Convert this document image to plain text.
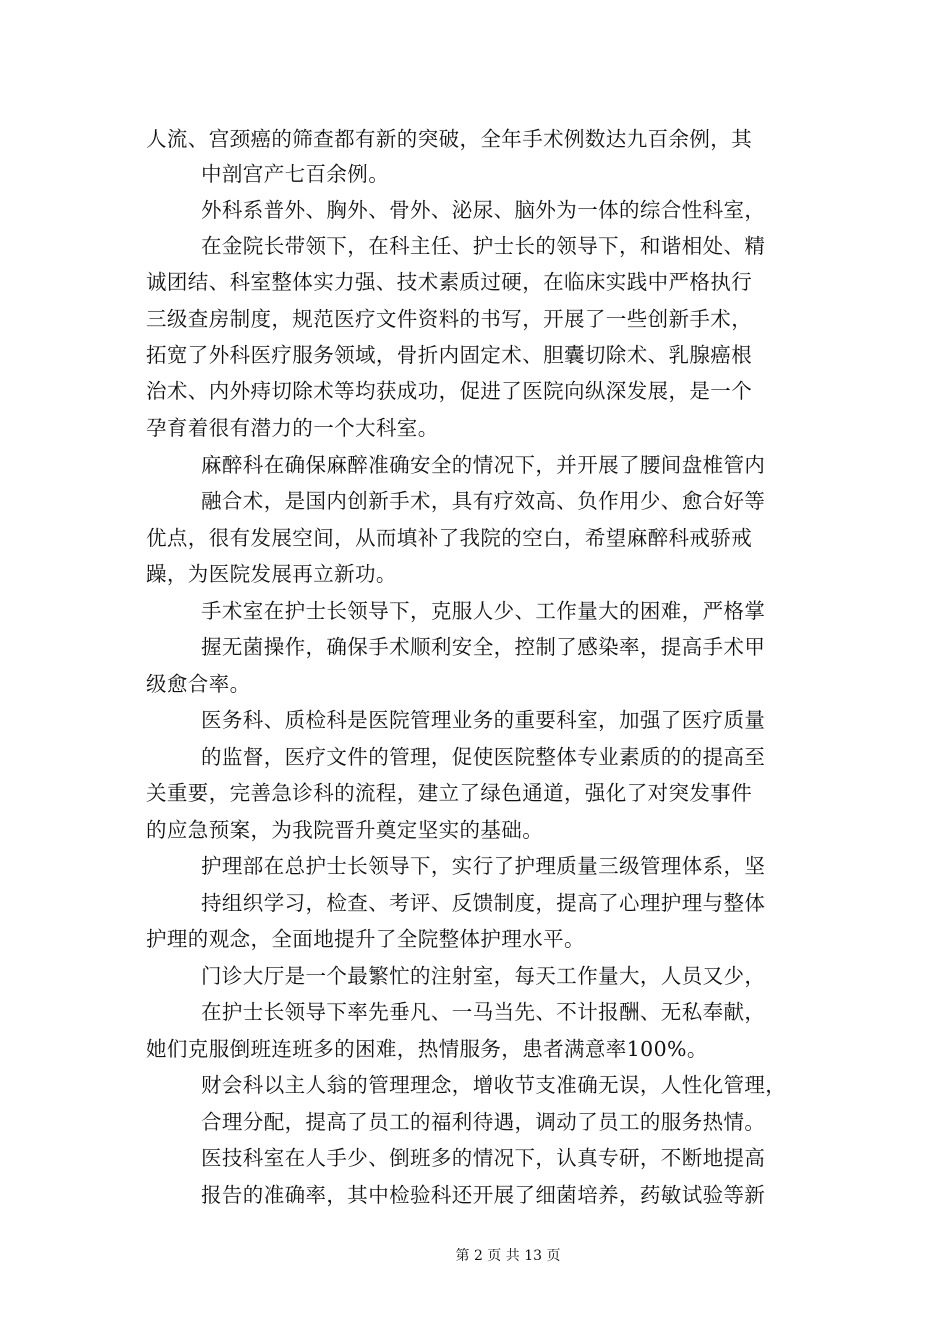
人流、宫颈癌的筛查都有新的突破，全年手术例数达九百余例，其
中剖宫产七百余例。
外科系普外、胸外、骨外、泌尿、脑外为一体的综合性科室，
在金院长带领下，在科主任、护士长的领导下，和谐相处、精
诚团结、科室整体实力强、技术素质过硬，在临床实践中严格执行
三级查房制度，规范医疗文件资料的书写，开展了一些创新手术，
拓宽了外科医疗服务领域，骨折内固定术、胆囊切除术、乳腺癌根
治术、内外痔切除术等均获成功，促进了医院向纵深发展，是一个
孕育着很有潜力的一个大科室。
麻醉科在确保麻醉准确安全的情况下，并开展了腰间盘椎管内
融合术，是国内创新手术，具有疗效高、负作用少、愈合好等
优点，很有发展空间，从而填补了我院的空白，希望麻醉科戒骄戒
躁，为医院发展再立新功。
手术室在护士长领导下，克服人少、工作量大的困难，严格掌
握无菌操作，确保手术顺利安全，控制了感染率，提高手术甲
级愈合率。
医务科、质检科是医院管理业务的重要科室，加强了医疗质量
的监督，医疗文件的管理，促使医院整体专业素质的的提高至
关重要，完善急诊科的流程，建立了绿色通道，强化了对突发事件
的应急预案，为我院晋升奠定坚实的基础。
护理部在总护士长领导下，实行了护理质量三级管理体系，坚
持组织学习，检查、考评、反馈制度，提高了心理护理与整体
护理的观念，全面地提升了全院整体护理水平。
门诊大厅是一个最繁忙的注射室，每天工作量大，人员又少，
在护士长领导下率先垂凡、一马当先、不计报酬、无私奉献，
她们克服倒班连班多的困难，热情服务，患者满意率100%。
财会科以主人翁的管理理念，增收节支准确无误，人性化管理，
合理分配，提高了员工的福利待遇，调动了员工的服务热情。
医技科室在人手少、倒班多的情况下，认真专研，不断地提高
报告的准确率，其中检验科还开展了细菌培养，药敏试验等新
第 2 页 共 13 页
